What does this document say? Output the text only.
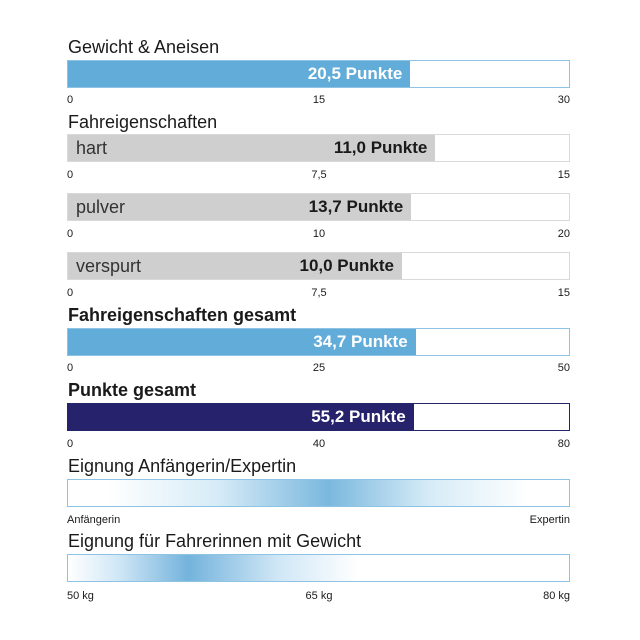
Gewicht & Aneisen
20,5 Punkte
0	15	30
Fahreigenschaften
11,0 Punkte
hart
0	7,5	15
13,7 Punkte
pulver
0	10	20
10,0 Punkte
verspurt
0	7,5	15
Fahreigenschaften gesamt
34,7 Punkte
0	25	50
Punkte gesamt
55,2 Punkte
0	40	80
Eignung Anfängerin/Expertin
Anfängerin	Expertin
Eignung für Fahrerinnen mit Gewicht
50 kg	65 kg	80 kg
